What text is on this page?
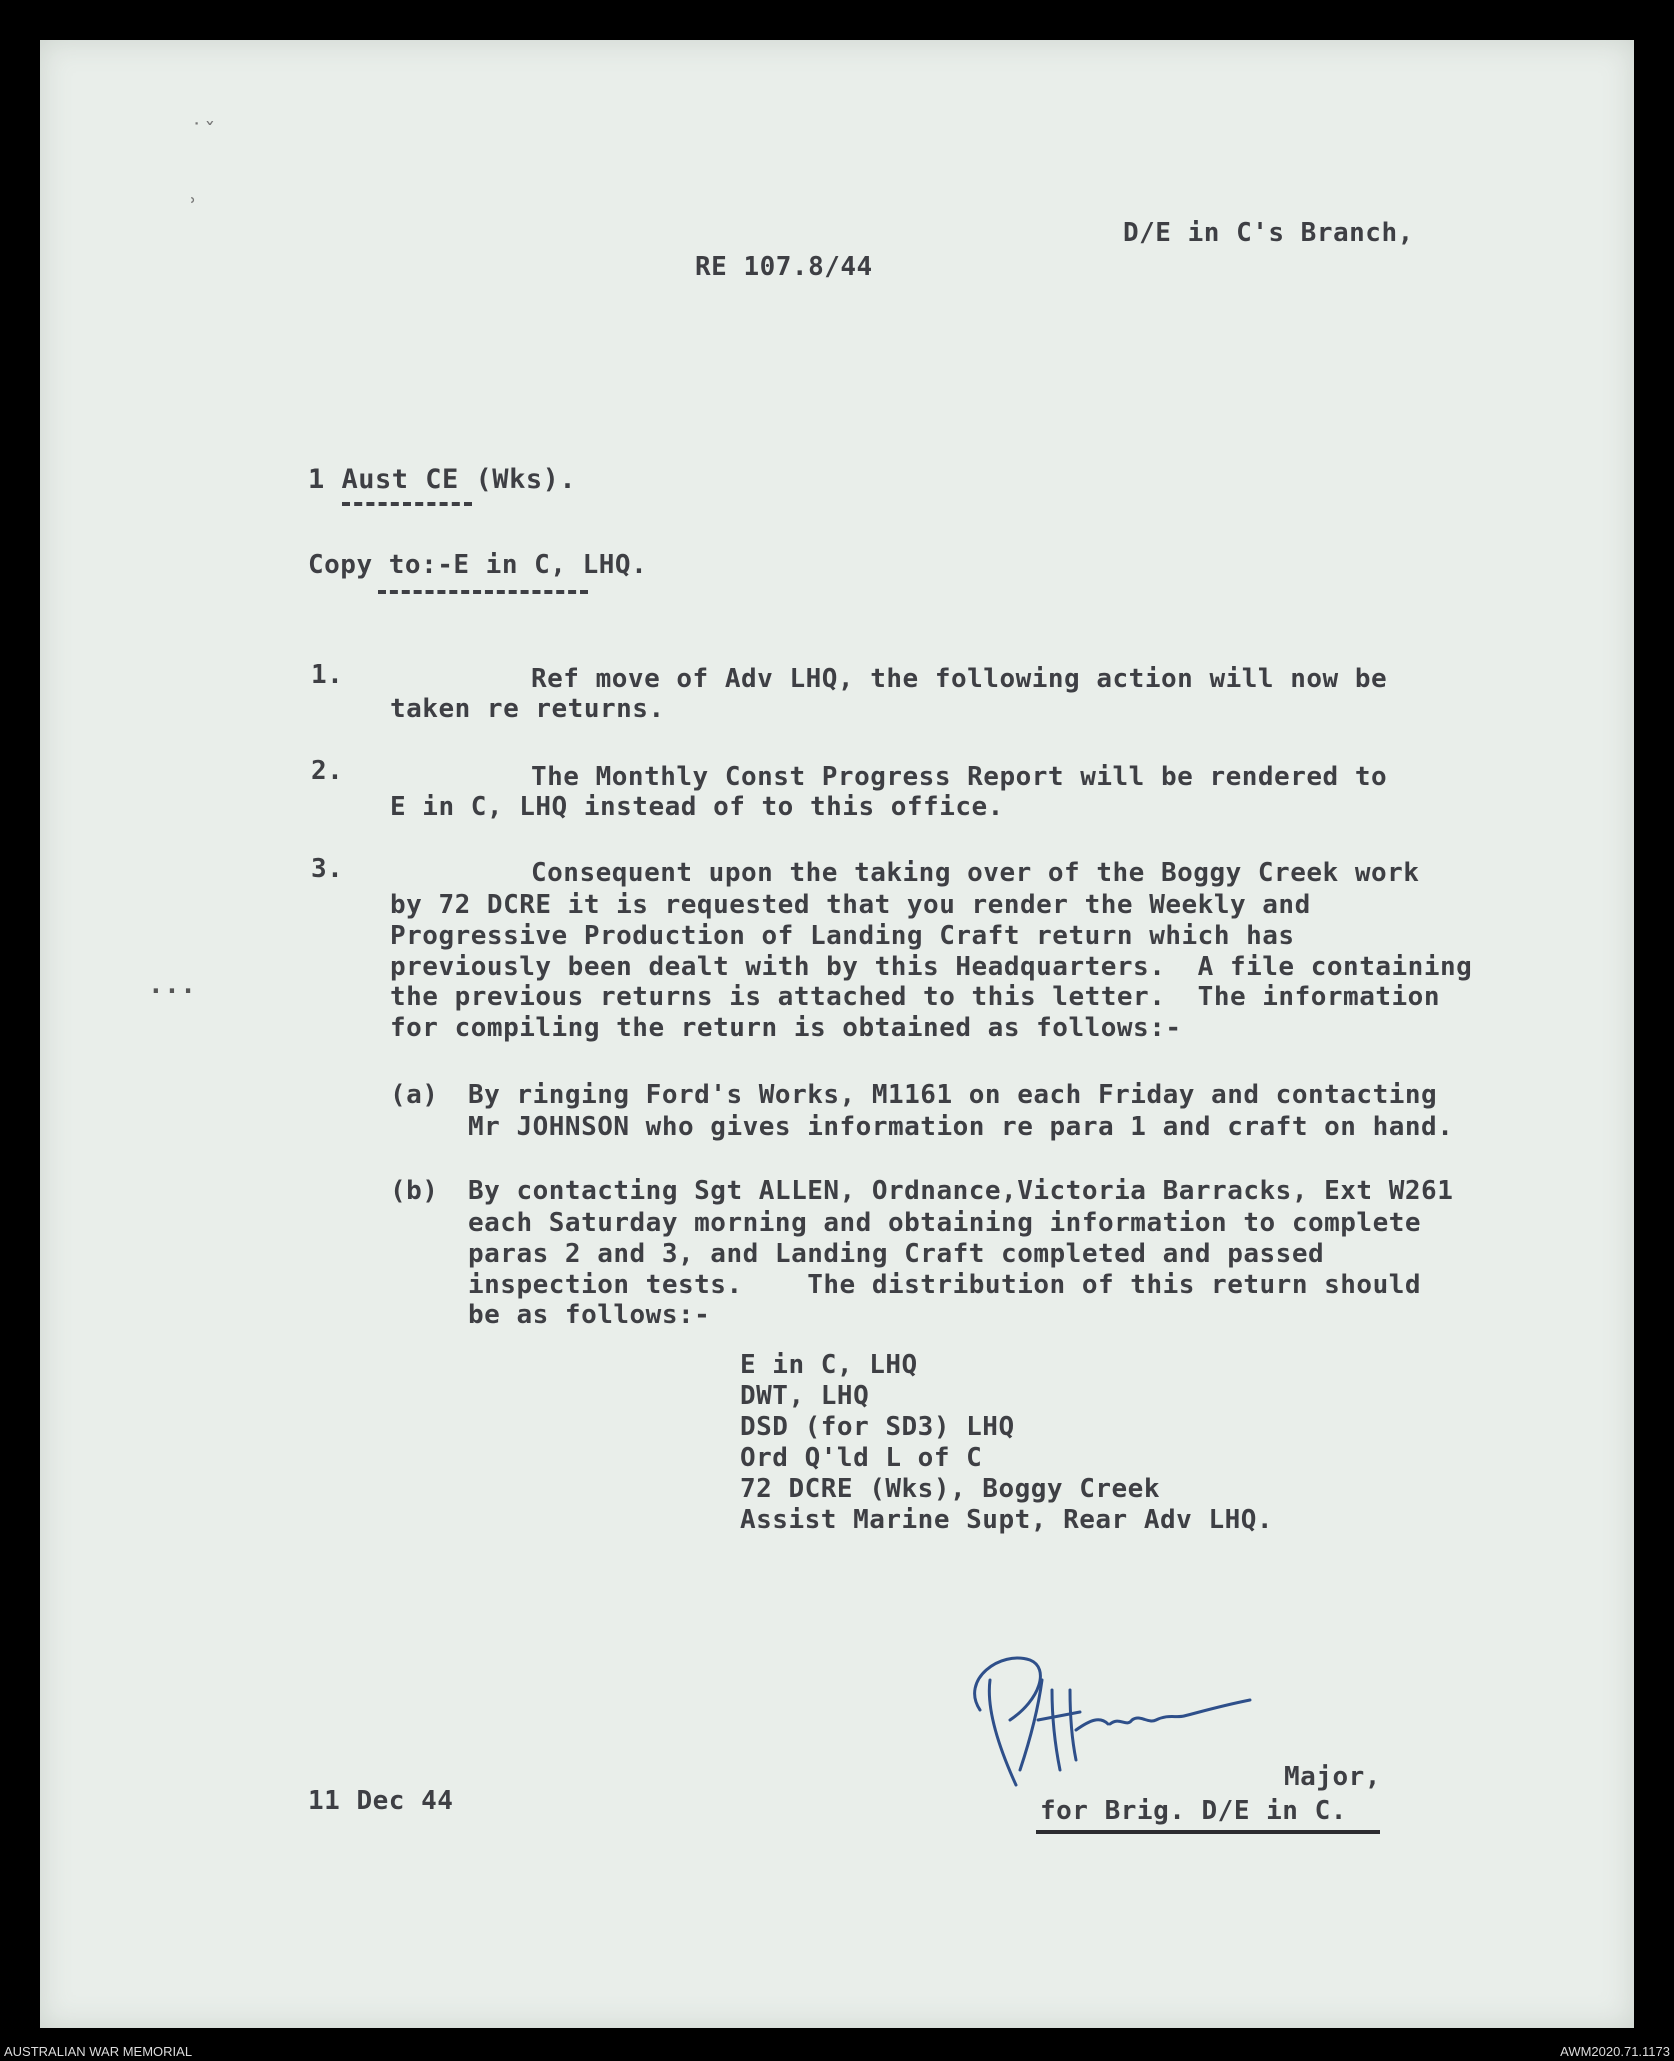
D/E in C's Branch,
RE 107.8/44
1 Aust CE (Wks).
Copy to:-E in C, LHQ.
1.	Ref move of Adv LHQ, the following action will now be
taken re returns.
2.	The Monthly Const Progress Report will be rendered to
E in C, LHQ instead of to this office.
3.	Consequent upon the taking over of the Boggy Creek work
by 72 DCRE it is requested that you render the Weekly and
Progressive Production of Landing Craft return which has
previously been dealt with by this Headquarters.  A file containing
the previous returns is attached to this letter.  The information
for compiling the return is obtained as follows:-
...
(a) By ringing Ford's Works, M1161 on each Friday and contacting
Mr JOHNSON who gives information re para 1 and craft on hand.
(b) By contacting Sgt ALLEN, Ordnance,Victoria Barracks, Ext W261
each Saturday morning and obtaining information to complete
paras 2 and 3, and Landing Craft completed and passed
inspection tests.    The distribution of this return should
be as follows:-
E in C, LHQ
DWT, LHQ
DSD (for SD3) LHQ
Ord Q'ld L of C
72 DCRE (Wks), Boggy Creek
Assist Marine Supt, Rear Adv LHQ.
Major,
for Brig. D/E in C.
11 Dec 44
˙ˇ
ʾ
AUSTRALIAN WAR MEMORIAL	AWM2020.71.1173
